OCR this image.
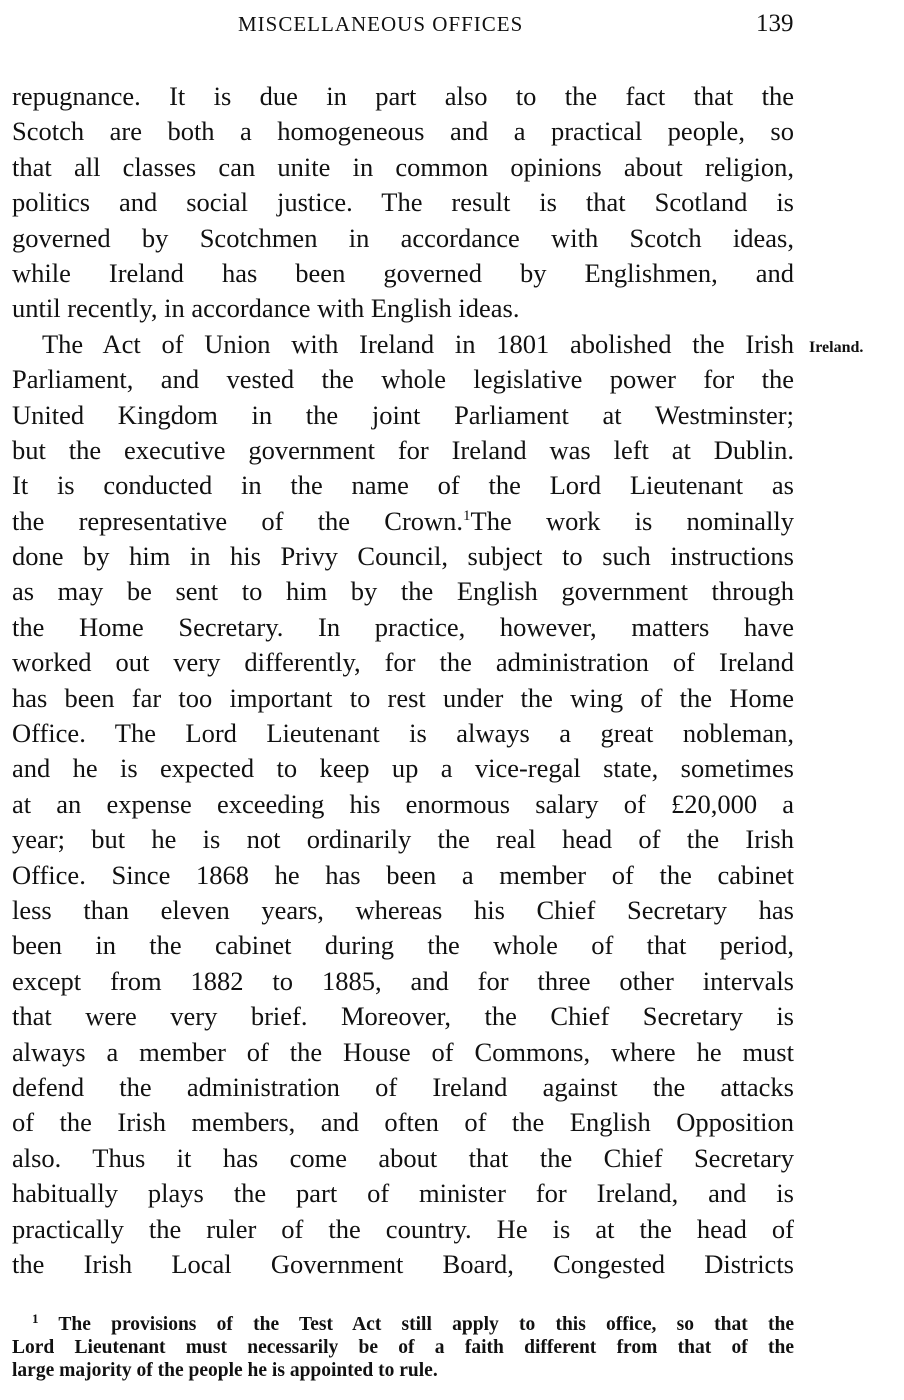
MISCELLANEOUS OFFICES	139
Ireland.
repugnance. It is due in part also to the fact that the
Scotch are both a homogeneous and a practical people, so
that all classes can unite in common opinions about religion,
politics and social justice. The result is that Scotland is
governed by Scotchmen in accordance with Scotch ideas,
while Ireland has been governed by Englishmen, and
until recently, in accordance with English ideas.
The Act of Union with Ireland in 1801 abolished the Irish
Parliament, and vested the whole legislative power for the
United Kingdom in the joint Parliament at Westminster;
but the executive government for Ireland was left at Dublin.
It is conducted in the name of the Lord Lieutenant as
the representative of the Crown.$^1$The work is nominally
done by him in his Privy Council, subject to such instructions
as may be sent to him by the English government through
the Home Secretary. In practice, however, matters have
worked out very differently, for the administration of Ireland
has been far too important to rest under the wing of the Home
Office. The Lord Lieutenant is always a great nobleman,
and he is expected to keep up a vice-regal state, sometimes
at an expense exceeding his enormous salary of £20,000 a
year; but he is not ordinarily the real head of the Irish
Office. Since 1868 he has been a member of the cabinet
less than eleven years, whereas his Chief Secretary has
been in the cabinet during the whole of that period,
except from 1882 to 1885, and for three other intervals
that were very brief. Moreover, the Chief Secretary is
always a member of the House of Commons, where he must
defend the administration of Ireland against the attacks
of the Irish members, and often of the English Opposition
also. Thus it has come about that the Chief Secretary
habitually plays the part of minister for Ireland, and is
practically the ruler of the country. He is at the head of
the Irish Local Government Board, Congested Districts
$^1$ The provisions of the Test Act still apply to this office, so that the
Lord Lieutenant must necessarily be of a faith different from that of the
large majority of the people he is appointed to rule.
